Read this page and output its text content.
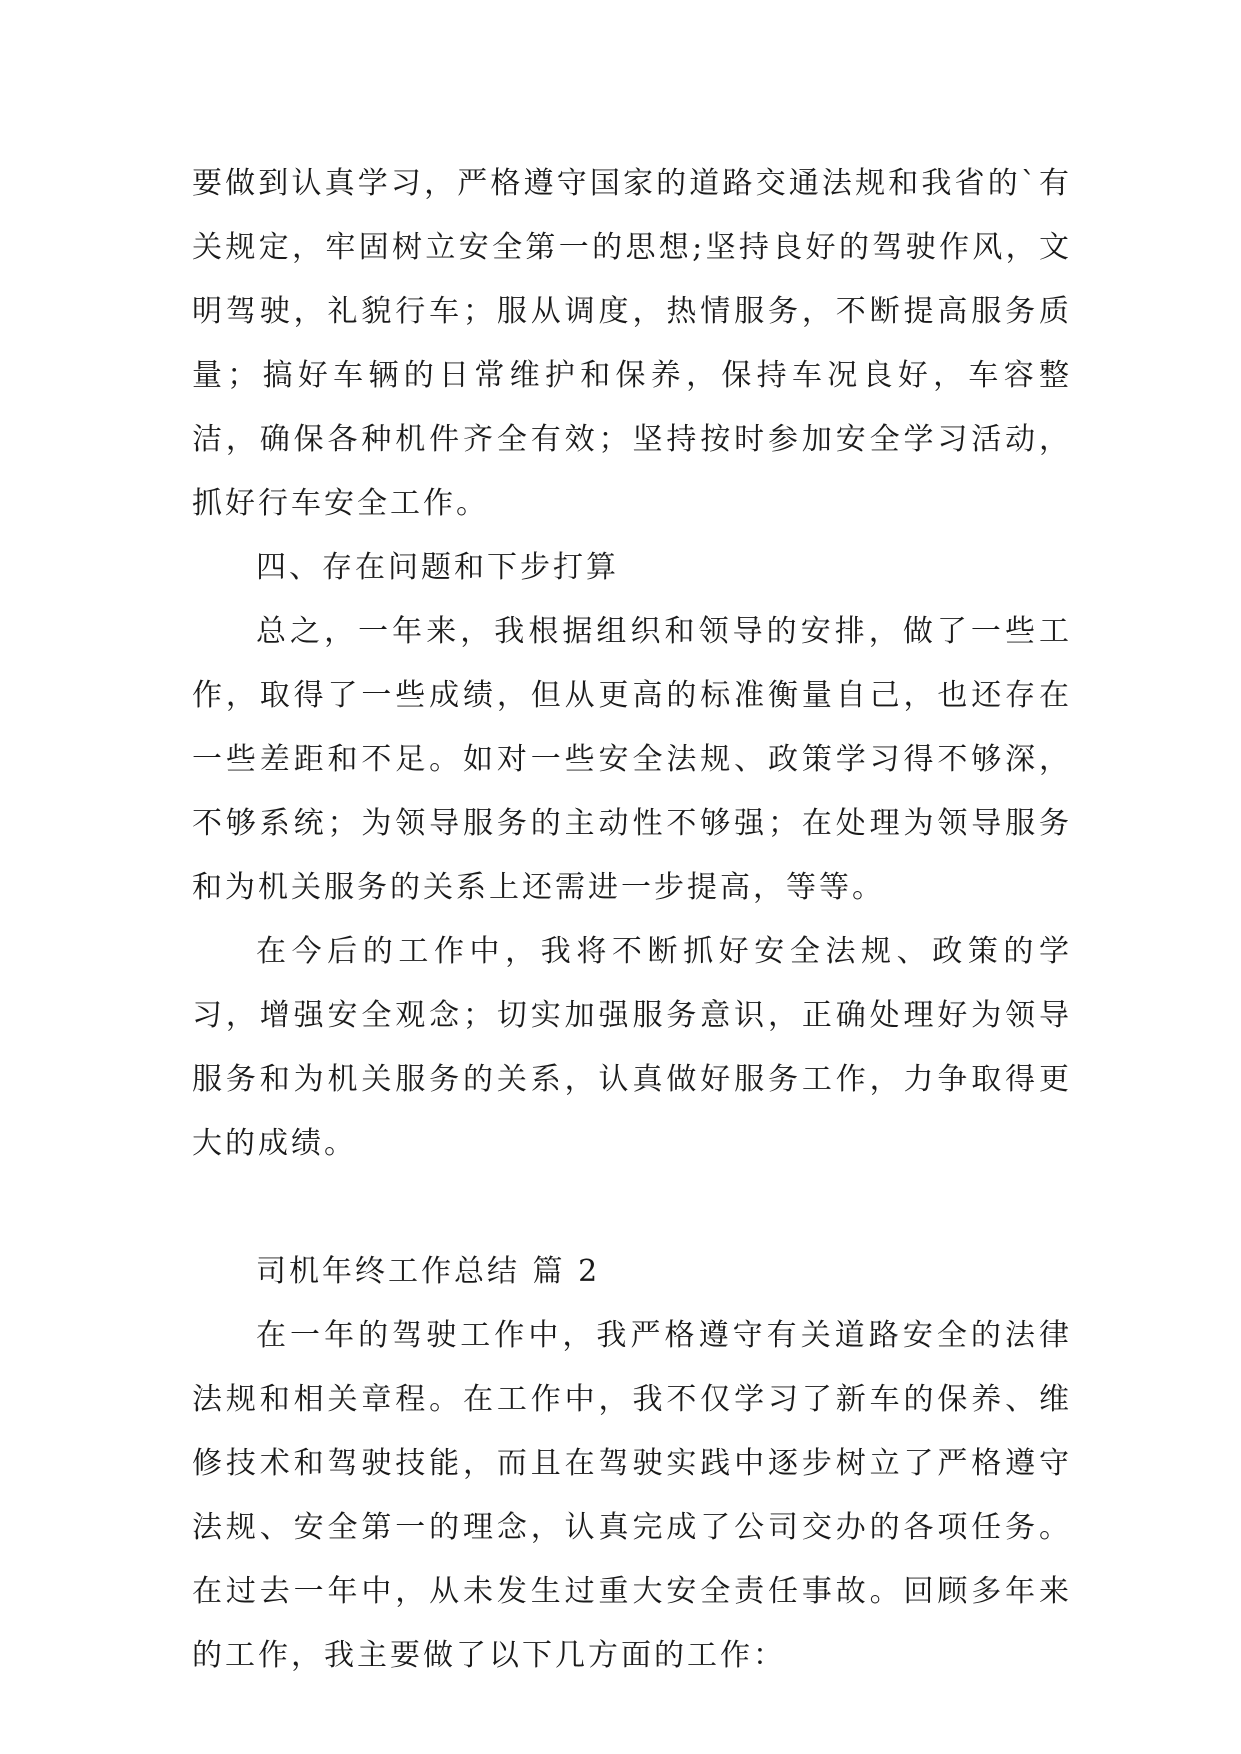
要做到认真学习，严格遵守国家的道路交通法规和我省的`有关规定，牢固树立安全第一的思想;坚持良好的驾驶作风，文明驾驶，礼貌行车；服从调度，热情服务，不断提高服务质量；搞好车辆的日常维护和保养，保持车况良好，车容整洁，确保各种机件齐全有效；坚持按时参加安全学习活动，抓好行车安全工作。

四、存在问题和下步打算

总之，一年来，我根据组织和领导的安排，做了一些工作，取得了一些成绩，但从更高的标准衡量自己，也还存在一些差距和不足。如对一些安全法规、政策学习得不够深，不够系统；为领导服务的主动性不够强；在处理为领导服务和为机关服务的关系上还需进一步提高，等等。

在今后的工作中，我将不断抓好安全法规、政策的学习，增强安全观念；切实加强服务意识，正确处理好为领导服务和为机关服务的关系，认真做好服务工作，力争取得更大的成绩。

司机年终工作总结 篇 2

在一年的驾驶工作中，我严格遵守有关道路安全的法律法规和相关章程。在工作中，我不仅学习了新车的保养、维修技术和驾驶技能，而且在驾驶实践中逐步树立了严格遵守法规、安全第一的理念，认真完成了公司交办的各项任务。在过去一年中，从未发生过重大安全责任事故。回顾多年来的工作，我主要做了以下几方面的工作：
